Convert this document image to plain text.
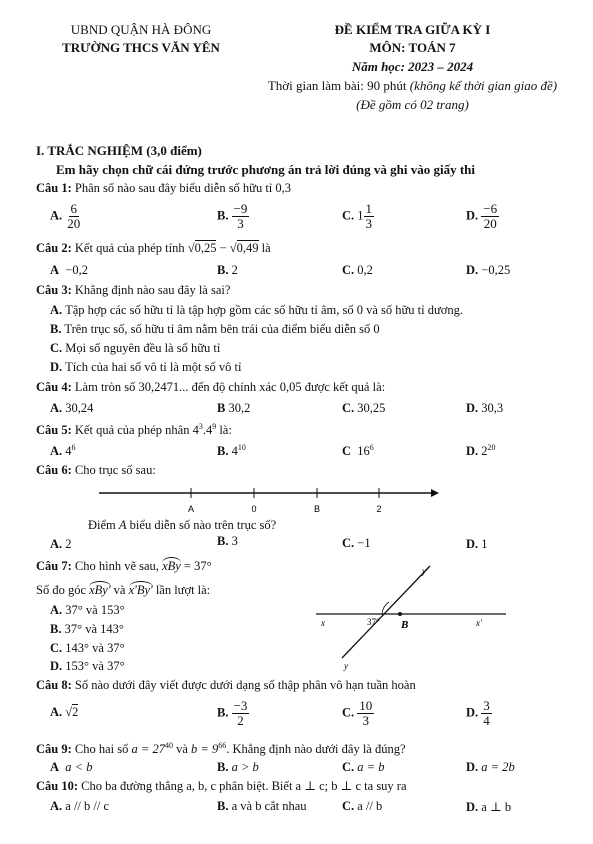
UBND QUẬN HÀ ĐÔNG
TRƯỜNG THCS VĂN YÊN
ĐỀ KIỂM TRA GIỮA KỲ I
MÔN: TOÁN 7
Năm học: 2023 – 2024
Thời gian làm bài: 90 phút (không kể thời gian giao đề)
(Đề gồm có 02 trang)
I. TRẮC NGHIỆM (3,0 điểm)
Em hãy chọn chữ cái đứng trước phương án trả lời đúng và ghi vào giấy thi
Câu 1: Phân số nào sau đây biểu diễn số hữu tỉ 0,3
A. $\frac{6}{20}$	B. $\frac{-9}{3}$	C. $1 \frac{1}{3}$	D. $\frac{-6}{20}$
Câu 2: Kết quả của phép tính √0,25 − √0,49 là
A −0,2	B. 2	C. 0,2	D. −0,25
Câu 3: Khẳng định nào sau đây là sai?
A. Tập hợp các số hữu tỉ là tập hợp gồm các số hữu tỉ âm, số 0 và số hữu tỉ dương.
B. Trên trục số, số hữu tỉ âm nằm bên trái của điểm biểu diễn số 0
C. Mọi số nguyên đều là số hữu tỉ
D. Tích của hai số vô tỉ là một số vô tỉ
Câu 4: Làm tròn số 30,2471... đến độ chính xác 0,05 được kết quả là:
A. 30,24	B 30,2	C. 30,25	D. 30,3
Câu 5: Kết quả của phép nhân $4^3.4^9$ là:
A. $4^6$	B. $4^{10}$	C $16^6$	D. $2^{20}$
Câu 6: Cho trục số sau:
A	0	B	2
Điểm A biểu diễn số nào trên trục số?
A. 2	B. 3	C. −1	D. 1
Câu 7: Cho hình vẽ sau, xBy = 37°
Số đo góc xBy' và x'By' lần lượt là:
A. 37° và 153°
B. 37° và 143°
C. 143° và 37°
D. 153° và 37°
y'
x	37° B	x'
y
Câu 8: Số nào dưới đây viết được dưới dạng số thập phân vô hạn tuần hoàn
A. √2	B. $\frac{-3}{2}$	C. $\frac{10}{3}$	D. $\frac{3}{4}$
Câu 9: Cho hai số $a = 27^{40}$ và $b = 9^{66}$. Khẳng định nào dưới đây là đúng?
A a < b	B. a > b	C. a = b	D. a = 2b
Câu 10: Cho ba đường thẳng a, b, c phân biệt. Biết a ⊥ c; b ⊥ c ta suy ra
A. a // b // c	B. a và b cắt nhau	C. a // b	D. a ⊥ b
